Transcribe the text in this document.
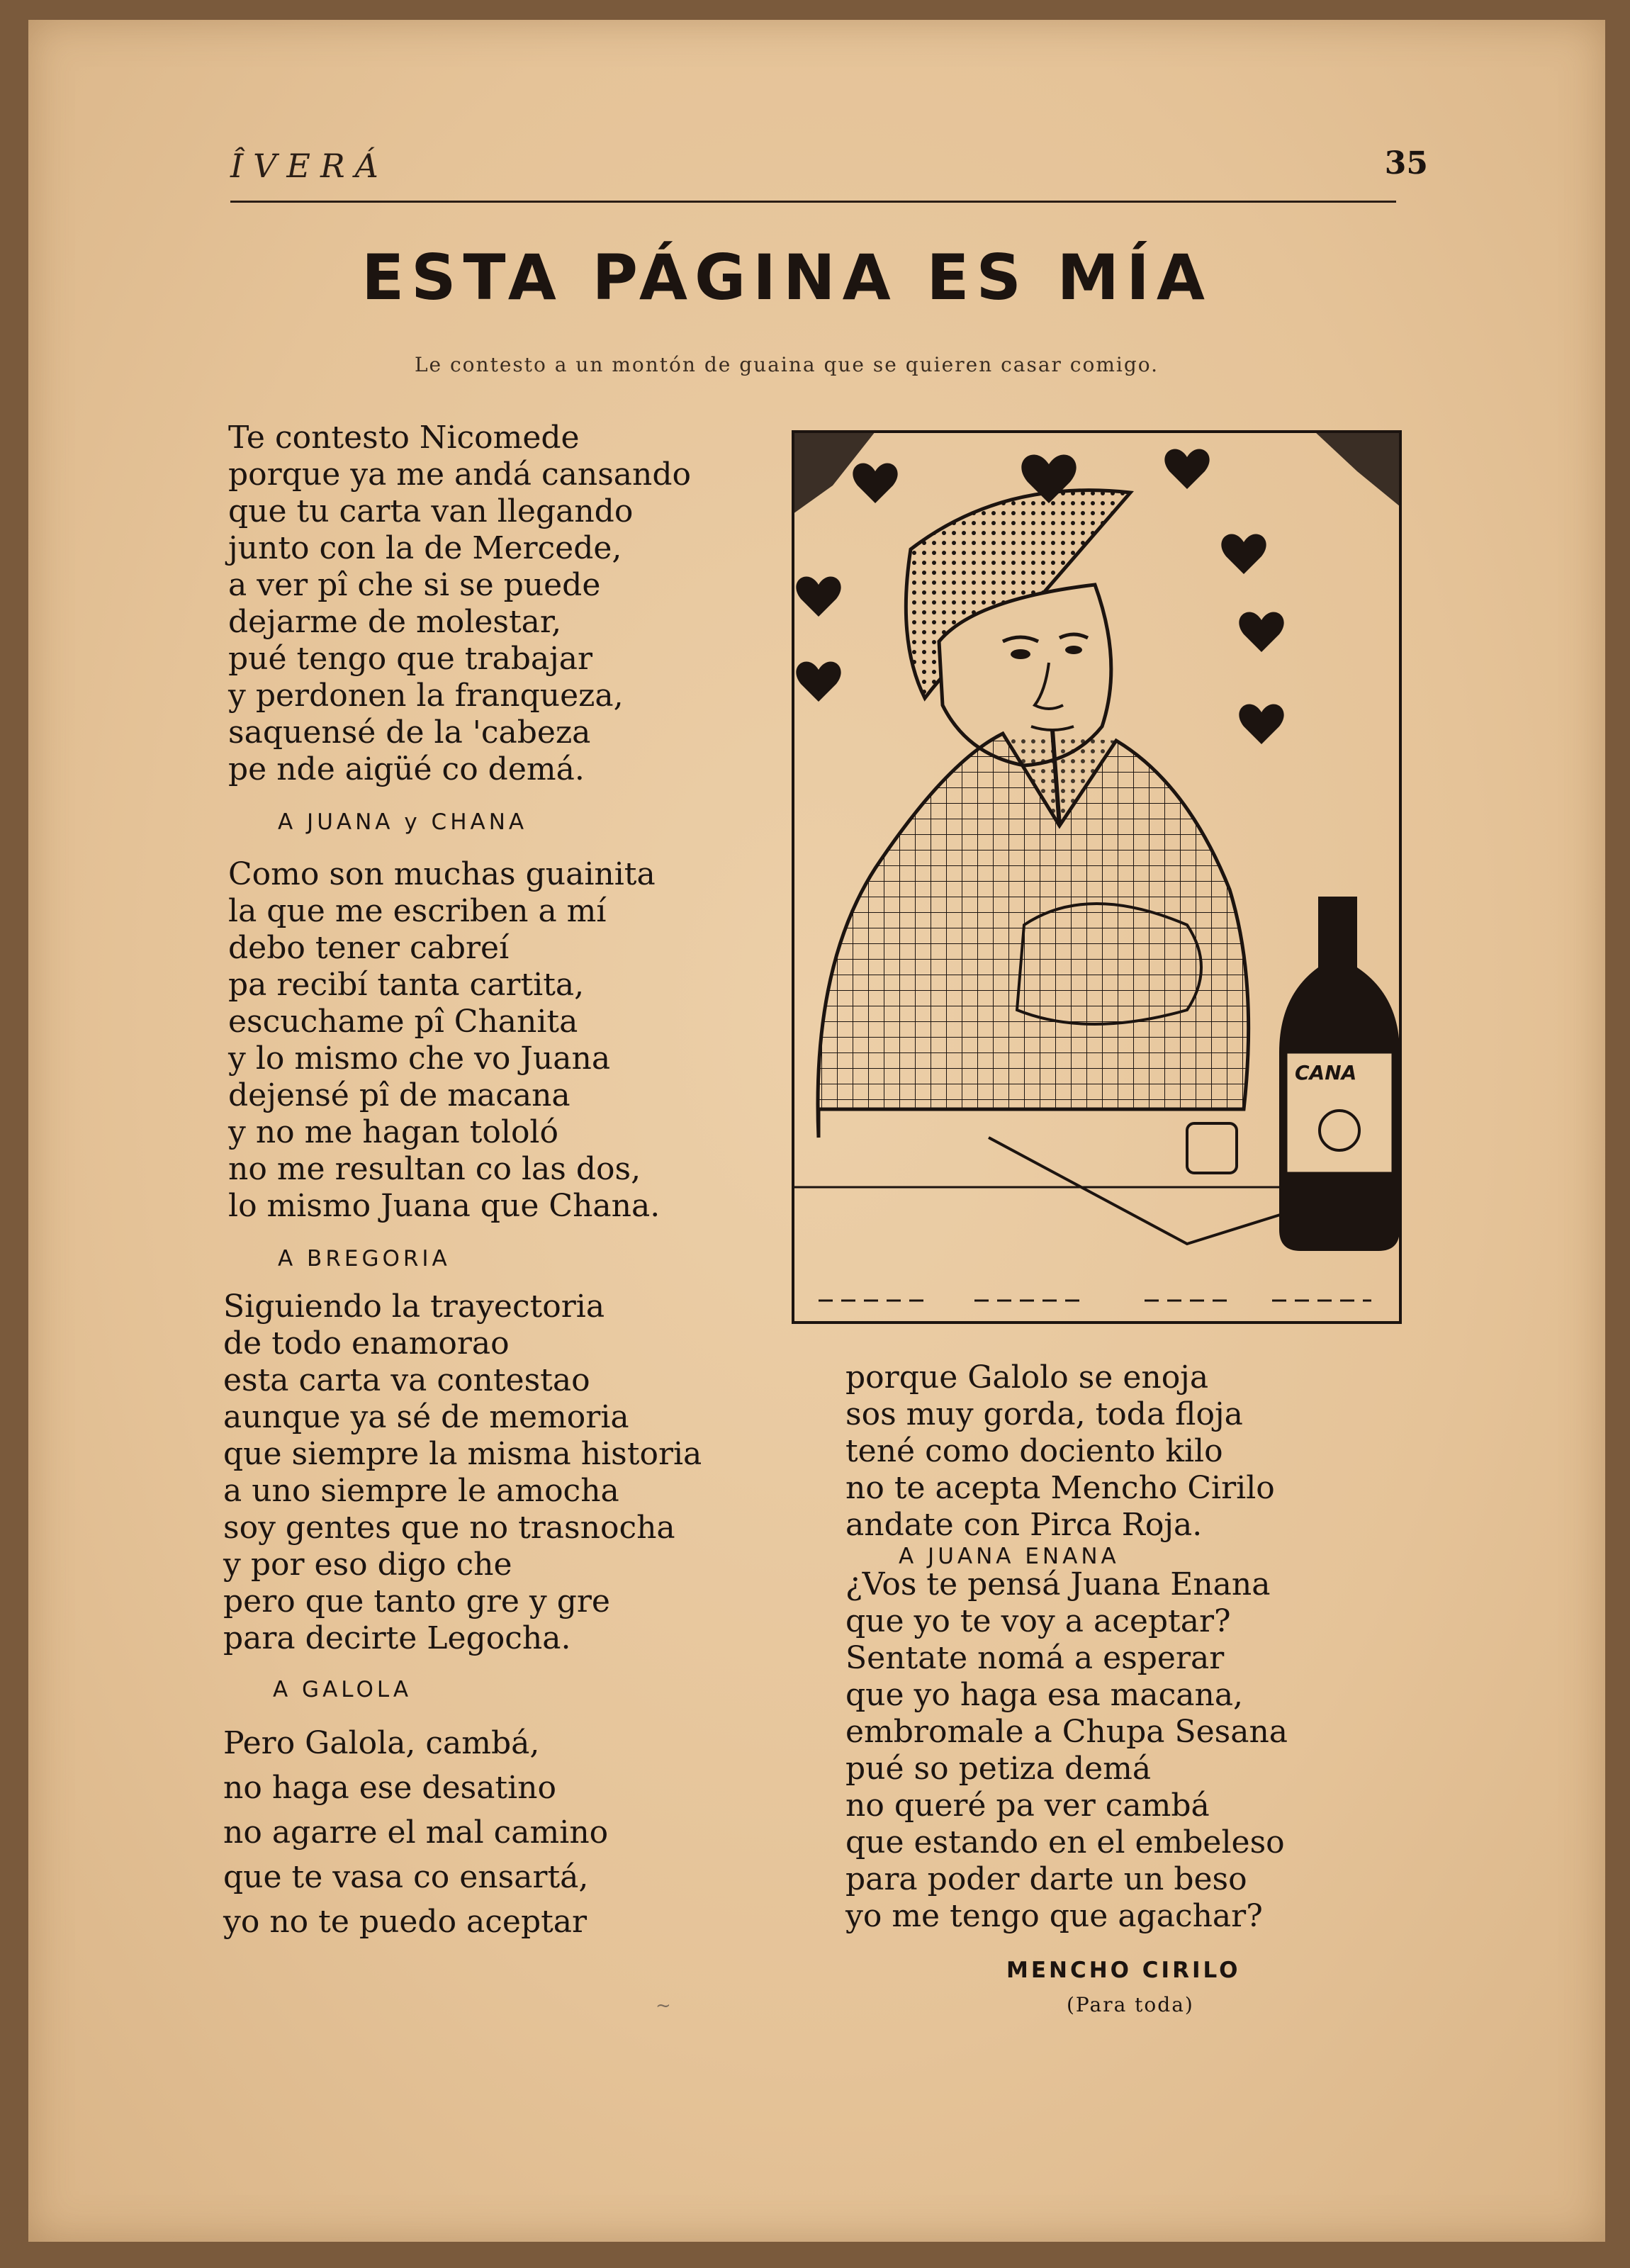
ÎVERÁ	35
ESTA PÁGINA ES MÍA
Le contesto a un montón de guaina que se quieren casar comigo.
Te contesto Nicomede
porque ya me andá cansando
que tu carta van llegando
junto con la de Mercede,
a ver pî che si se puede
dejarme de molestar,
pué tengo que trabajar
y perdonen la franqueza,
saquensé de la 'cabeza
pe nde aigüé co demá.
A JUANA y CHANA
Como son muchas guainita
la que me escriben a mí
debo tener cabreí
pa recibí tanta cartita,
escuchame pî Chanita
y lo mismo che vo Juana
dejensé pî de macana
y no me hagan tololó
no me resultan co las dos,
lo mismo Juana que Chana.
A BREGORIA
Siguiendo la trayectoria
de todo enamorao
esta carta va contestao
aunque ya sé de memoria
que siempre la misma historia
a uno siempre le amocha
soy gentes que no trasnocha
y por eso digo che
pero que tanto gre y gre
para decirte Legocha.
A GALOLA
Pero Galola, cambá,
no haga ese desatino
no agarre el mal camino
que te vasa co ensartá,
yo no te puedo aceptar
porque Galolo se enoja
sos muy gorda, toda floja
tené como dociento kilo
no te acepta Mencho Cirilo
andate con Pirca Roja.
A JUANA ENANA
¿Vos te pensá Juana Enana
que yo te voy a aceptar?
Sentate nomá a esperar
que yo haga esa macana,
embromale a Chupa Sesana
pué so petiza demá
no queré pa ver cambá
que estando en el embeleso
para poder darte un beso
yo me tengo que agachar?
MENCHO CIRILO
(Para toda)
~
CANA
